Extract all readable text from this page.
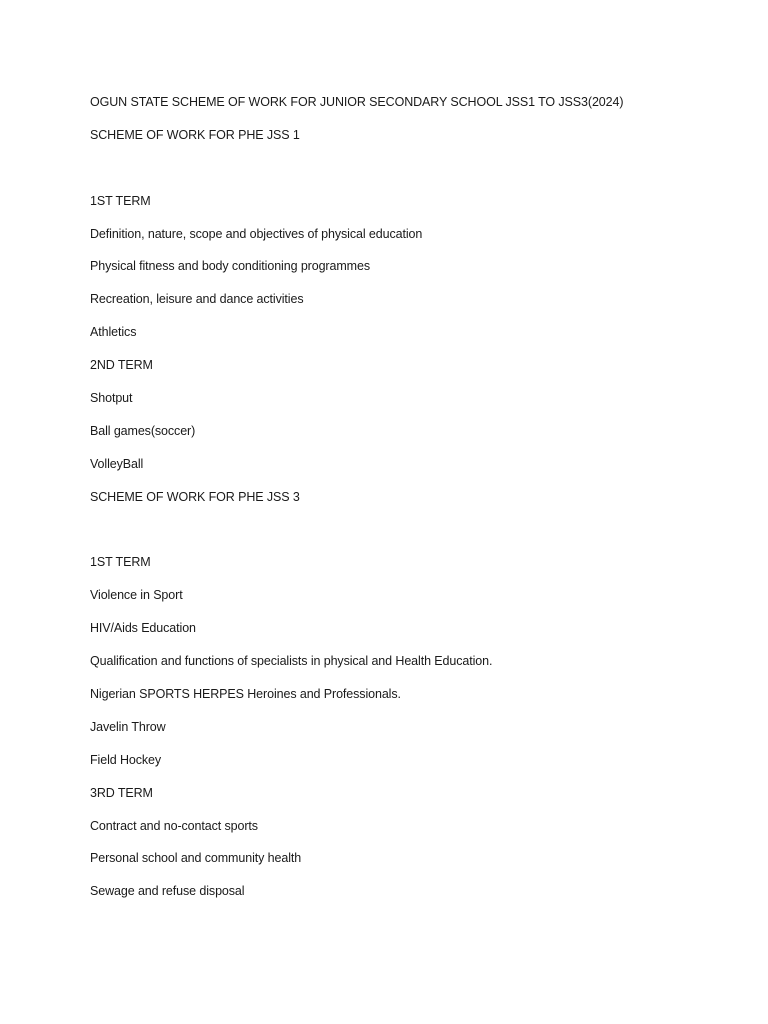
OGUN STATE SCHEME OF WORK FOR JUNIOR SECONDARY SCHOOL JSS1 TO JSS3(2024)
SCHEME OF WORK FOR PHE JSS 1
1ST TERM
Definition, nature, scope and objectives of physical education
Physical fitness and body conditioning programmes
Recreation, leisure and dance activities
Athletics
2ND TERM
Shotput
Ball games(soccer)
VolleyBall
SCHEME OF WORK FOR PHE JSS 3
1ST TERM
Violence in Sport
HIV/Aids Education
Qualification and functions of specialists in physical and Health Education.
Nigerian SPORTS HERPES Heroines and Professionals.
Javelin Throw
Field Hockey
3RD TERM
Contract and no-contact sports
Personal school and community health
Sewage and refuse disposal
